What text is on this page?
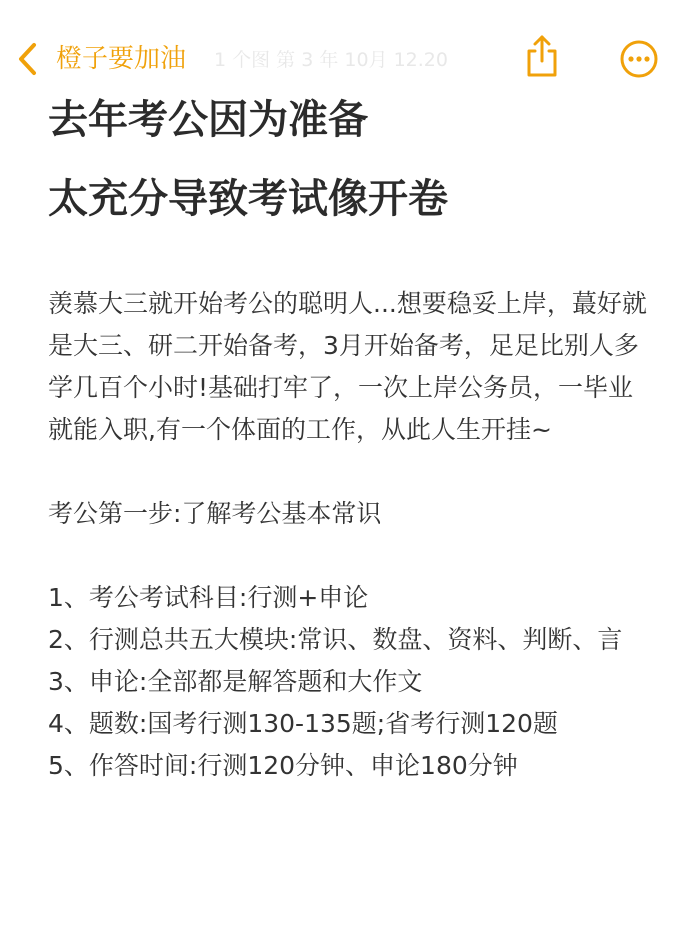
橙子要加油 1 个图 第 3 年 10月 12.20
去年考公因为准备
太充分导致考试像开卷

羡慕大三就开始考公的聪明人...想要稳妥上岸，蕞好就是大三、研二开始备考，3月开始备考，足足比别人多学几百个小时!基础打牢了，一次上岸公务员，一毕业就能入职,有一个体面的工作，从此人生开挂~

考公第一步:了解考公基本常识

1、考公考试科目:行测+申论
2、行测总共五大模块:常识、数盘、资料、判断、言
3、申论:全部都是解答题和大作文
4、题数:国考行测130-135题;省考行测120题
5、作答时间:行测120分钟、申论180分钟
